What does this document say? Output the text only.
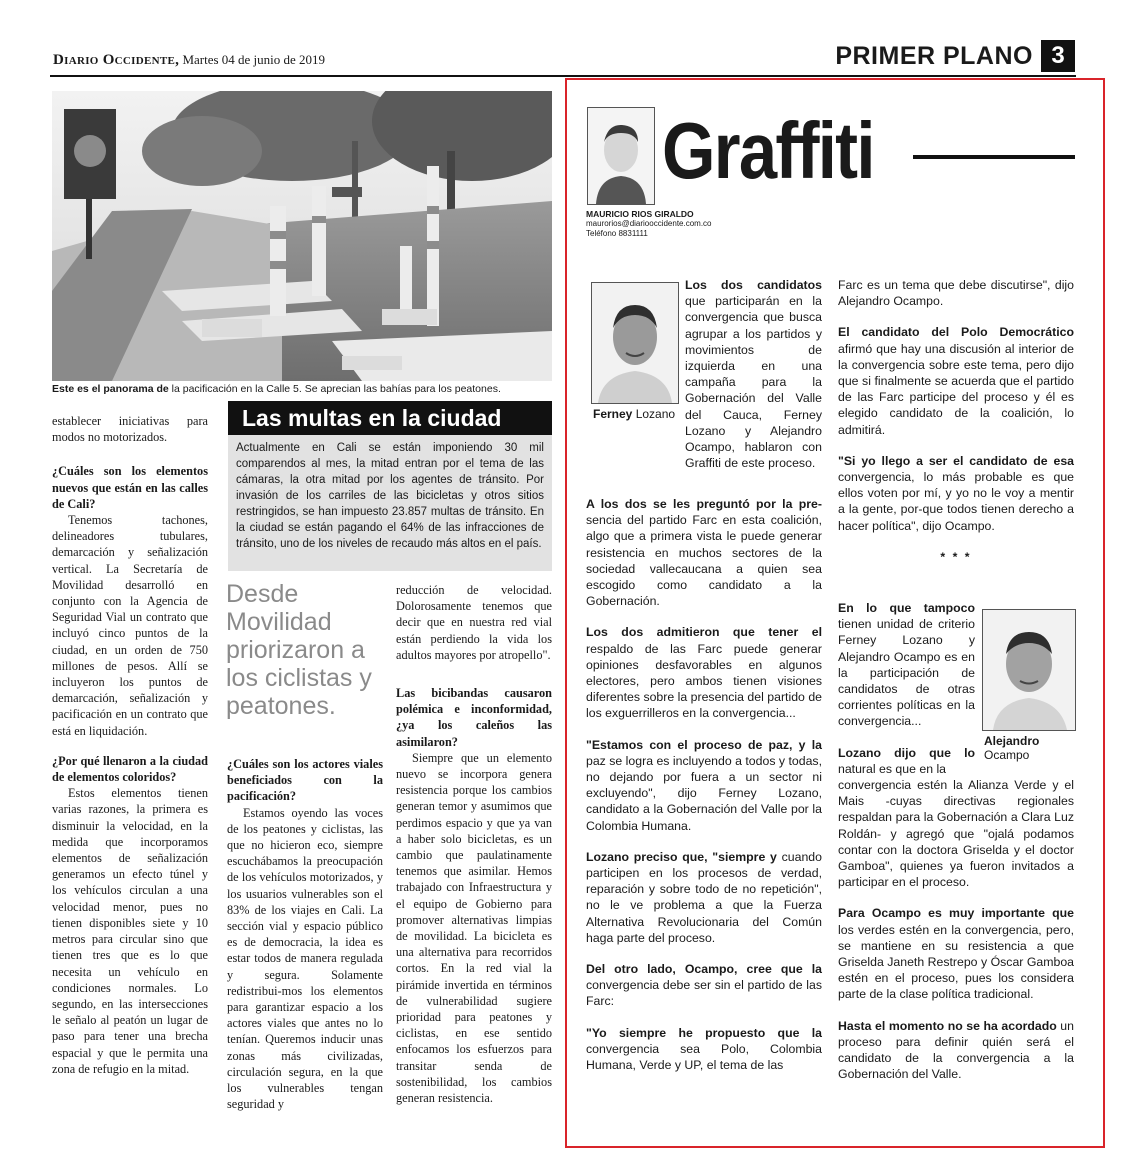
Diario Occidente, Martes 04 de junio de 2019	PRIMER PLANO 3
Este es el panorama de la pacificación en la Calle 5. Se aprecian las bahías para los peatones.

establecer iniciativas para modos no motorizados.

¿Cuáles son los elementos nuevos que están en las calles de Cali?

Tenemos tachones, delineadores tubulares, demarcación y señalización vertical. La Secretaría de Movilidad desarrolló en conjunto con la Agencia de Seguridad Vial un contrato que incluyó cinco puntos de la ciudad, en un orden de 750 millones de pesos. Allí se incluyeron los puntos de demarcación, señalización y pacificación en un contrato que está en liquidación.

¿Por qué llenaron a la ciudad de elementos coloridos?

Estos elementos tienen varias razones, la primera es disminuir la velocidad, en la medida que incorporamos elementos de señalización generamos un efecto túnel y los vehículos circulan a una velocidad menor, pues no tienen disponibles siete y 10 metros para circular sino que tienen tres que es lo que necesita un vehículo en condiciones normales. Lo segundo, en las intersecciones le señalo al peatón un lugar de paso para tener una brecha espacial y que le permita una zona de refugio en la mitad.

Las multas en la ciudad
Actualmente en Cali se están imponiendo 30 mil comparendos al mes, la mitad entran por el tema de las cámaras, la otra mitad por los agentes de tránsito. Por invasión de los carriles de las bicicletas y otros sitios restringidos, se han impuesto 23.857 multas de tránsito. En la ciudad se están pagando el 64% de las infracciones de tránsito, uno de los niveles de recaudo más altos en el país.
Desde Movilidad priorizaron a los ciclistas y peatones.

¿Cuáles son los actores viales beneficiados con la pacificación?

Estamos oyendo las voces de los peatones y ciclistas, las que no hicieron eco, siempre escuchábamos la preocupación de los vehículos motorizados, y los usuarios vulnerables son el 83% de los viajes en Cali. La sección vial y espacio público es de democracia, la idea es estar todos de manera regulada y segura. Solamente redistribui-mos los elementos para garantizar espacio a los actores viales que antes no lo tenían. Queremos inducir unas zonas más civilizadas, circulación segura, en la que los vulnerables tengan seguridad y

reducción de velocidad. Dolorosamente tenemos que decir que en nuestra red vial están perdiendo la vida los adultos mayores por atropello".

Las bicibandas causaron polémica e inconformidad, ¿ya los caleños las asimilaron?

Siempre que un elemento nuevo se incorpora genera resistencia porque los cambios generan temor y asumimos que perdimos espacio y que ya van a haber solo bicicletas, es un cambio que paulatinamente tenemos que asimilar. Hemos trabajado con Infraestructura y el equipo de Gobierno para promover alternativas limpias de movilidad. La bicicleta es una alternativa para recorridos cortos. En la red vial la pirámide invertida en términos de vulnerabilidad sugiere prioridad para peatones y ciclistas, en ese sentido enfocamos los esfuerzos para transitar senda de sostenibilidad, los cambios generan resistencia.

Graffiti
MAURICIO RIOS GIRALDO
maurorios@diariooccidente.com.co
Teléfono 8831111
Ferney Lozano
Alejandro
Ocampo

Los dos candidatos que participarán en la convergencia que busca agrupar a los partidos y movimientos de izquierda en una campaña para la Gobernación del Valle del Cauca, Ferney Lozano y Alejandro Ocampo, hablaron con Graffiti de este proceso.

A los dos se les preguntó por la pre-sencia del partido Farc en esta coalición, algo que a primera vista le puede generar resistencia en muchos sectores de la sociedad vallecaucana a quien sea escogido como candidato a la Gobernación.

Los dos admitieron que tener el respaldo de las Farc puede generar opiniones desfavorables en algunos electores, pero ambos tienen visiones diferentes sobre la presencia del partido de los exguerrilleros en la convergencia...

"Estamos con el proceso de paz, y la paz se logra es incluyendo a todos y todas, no dejando por fuera a un sector ni excluyendo", dijo Ferney Lozano, candidato a la Gobernación del Valle por la Colombia Humana.

Lozano preciso que, "siempre y cuando participen en los procesos de verdad, reparación y sobre todo de no repetición", no le ve problema a que la Fuerza Alternativa Revolucionaria del Común haga parte del proceso.

Del otro lado, Ocampo, cree que la convergencia debe ser sin el partido de las Farc:

"Yo siempre he propuesto que la convergencia sea Polo, Colombia Humana, Verde y UP, el tema de las

Farc es un tema que debe discutirse", dijo Alejandro Ocampo.

El candidato del Polo Democrático afirmó que hay una discusión al interior de la convergencia sobre este tema, pero dijo que si finalmente se acuerda que el partido de las Farc participe del proceso y él es elegido candidato de la coalición, lo admitirá.

"Si yo llego a ser el candidato de esa convergencia, lo más probable es que ellos voten por mí, y yo no le voy a mentir a la gente, por-que todos tienen derecho a hacer política", dijo Ocampo.

* * *

En lo que tampoco tienen unidad de criterio Ferney Lozano y Alejandro Ocampo es en la participación de candidatos de otras corrientes políticas en la convergencia...

Lozano dijo que lo natural es que en la

convergencia estén la Alianza Verde y el Mais -cuyas directivas regionales respaldan para la Gobernación a Clara Luz Roldán- y agregó que "ojalá podamos contar con la doctora Griselda y el doctor Gamboa", quienes ya fueron invitados a participar en el proceso.

Para Ocampo es muy importante que los verdes estén en la convergencia, pero, se mantiene en su resistencia a que Griselda Janeth Restrepo y Óscar Gamboa estén en el proceso, pues los considera parte de la clase política tradicional.

Hasta el momento no se ha acordado un proceso para definir quién será el candidato de la convergencia a la Gobernación del Valle.
